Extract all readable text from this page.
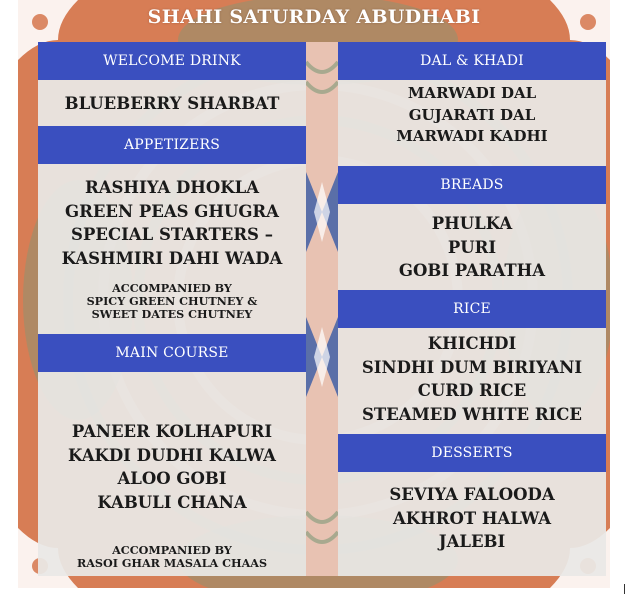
SHAHI SATURDAY ABUDHABI
WELCOME DRINK
BLUEBERRY SHARBAT
APPETIZERS
RASHIYA DHOKLA
GREEN PEAS GHUGRA
SPECIAL STARTERS –
KASHMIRI DAHI WADA
ACCOMPANIED BY
SPICY GREEN CHUTNEY &
SWEET DATES CHUTNEY
MAIN COURSE
PANEER KOLHAPURI
KAKDI DUDHI KALWA
ALOO GOBI
KABULI CHANA
ACCOMPANIED BY
RASOI GHAR MASALA CHAAS
DAL & KHADI
MARWADI DAL
GUJARATI DAL
MARWADI KADHI
BREADS
PHULKA
PURI
GOBI PARATHA
RICE
KHICHDI
SINDHI DUM BIRIYANI
CURD RICE
STEAMED WHITE RICE
DESSERTS
SEVIYA FALOODA
AKHROT HALWA
JALEBI
